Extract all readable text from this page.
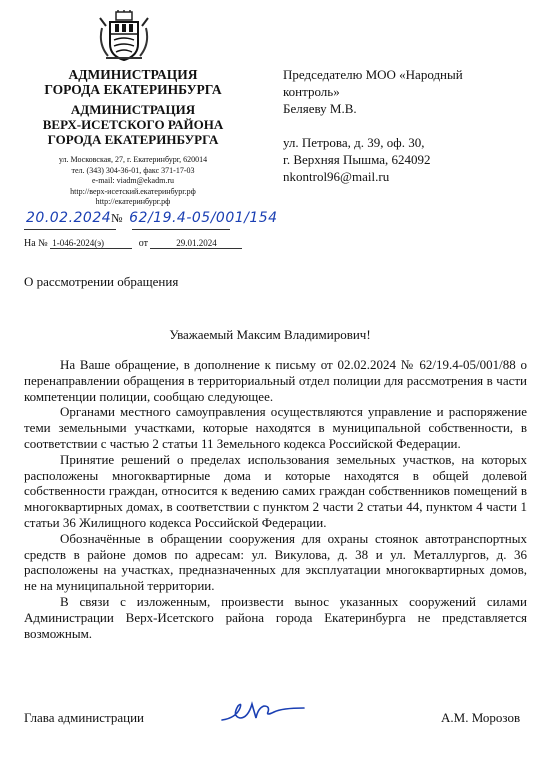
АДМИНИСТРАЦИЯ
ГОРОДА ЕКАТЕРИНБУРГА
АДМИНИСТРАЦИЯ
ВЕРХ-ИСЕТСКОГО РАЙОНА
ГОРОДА ЕКАТЕРИНБУРГА
ул. Московская, 27, г. Екатеринбург, 620014
тел. (343) 304-36-01, факс 371-17-03
e-mail: viadm@ekadm.ru
http://верх-исетский.екатеринбург.рф
http://екатеринбург.рф
Председателю МОО «Народный
контроль»
Беляеву М.В.
ул. Петрова, д. 39, оф. 30,
г. Верхняя Пышма, 624092
nkontrol96@mail.ru
20.02.2024№ 62/19.4-05/001/154
На № 1-046-2024(э)	от	29.01.2024
О рассмотрении обращения
Уважаемый Максим Владимирович!

На Ваше обращение, в дополнение к письму от 02.02.2024 № 62/19.4-05/001/88 о перенаправлении обращения в территориальный отдел полиции для рассмотрения в части компетенции полиции, сообщаю следующее.

Органами местного самоуправления осуществляются управление и распоряжение теми земельными участками, которые находятся в муниципальной собственности, в соответствии с частью 2 статьи 11 Земельного кодекса Российской Федерации.

Принятие решений о пределах использования земельных участков, на которых расположены многоквартирные дома и которые находятся в общей долевой собственности граждан, относится к ведению самих граждан собственников помещений в многоквартирных домах, в соответствии с пунктом 2 части 2 статьи 44, пунктом 4 части 1 статьи 36 Жилищного кодекса Российской Федерации.

Обозначённые в обращении сооружения для охраны стоянок автотранспортных средств в районе домов по адресам: ул. Викулова, д. 38 и ул. Металлургов, д. 36 расположены на участках, предназначенных для эксплуатации многоквартирных домов, не на муниципальной территории.

В связи с изложенным, произвести вынос указанных сооружений силами Администрации Верх-Исетского района города Екатеринбурга не представляется возможным.

Глава администрации	А.М. Морозов
